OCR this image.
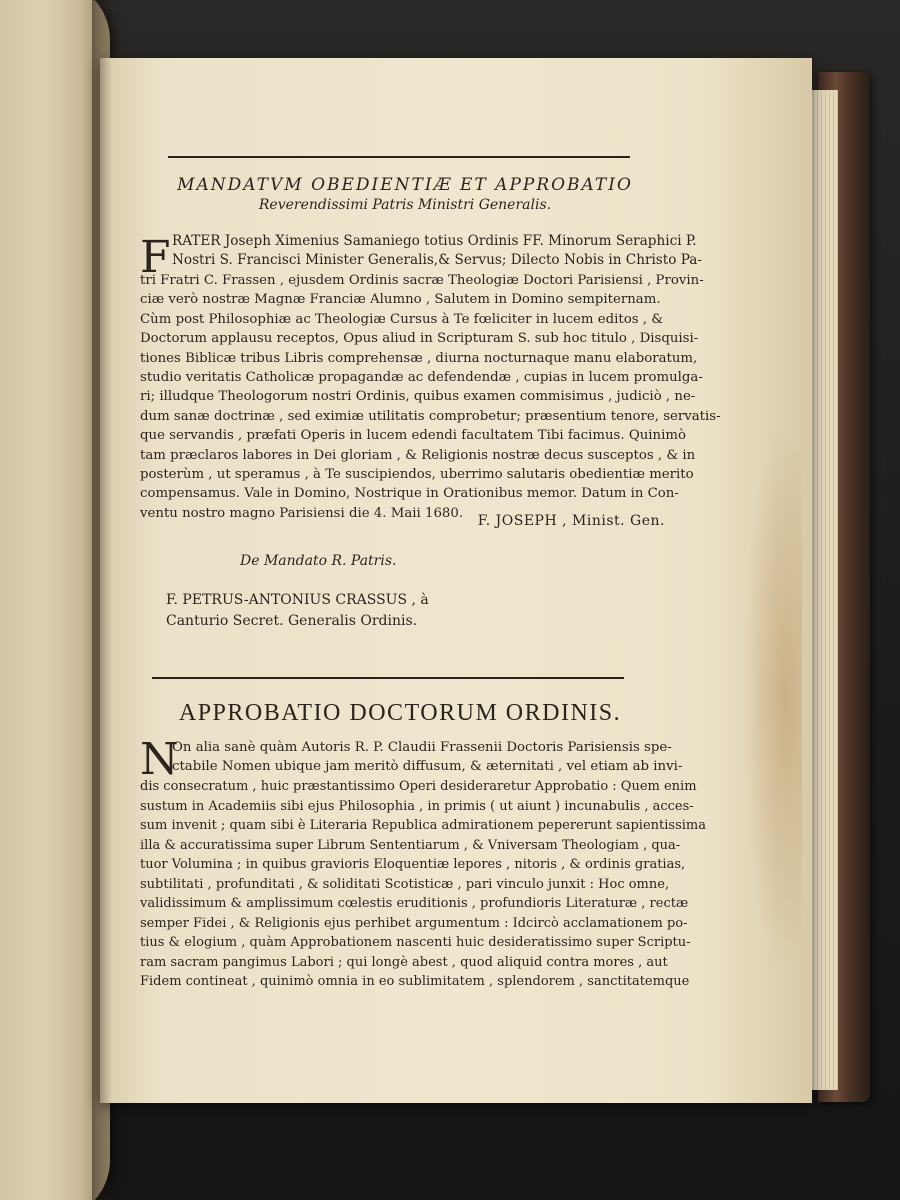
MANDATVM OBEDIENTIÆ ET APPROBATIO
Reverendissimi Patris Ministri Generalis.
F RATER Joseph Ximenius Samaniego totius Ordinis FF. Minorum Seraphici P.
Nostri S. Francisci Minister Generalis,& Servus; Dilecto Nobis in Christo Pa-
tri Fratri C. Frassen , ejusdem Ordinis sacræ Theologiæ Doctori Parisiensi , Provin-
ciæ verò nostræ Magnæ Franciæ Alumno , Salutem in Domino sempiternam.
Cùm post Philosophiæ ac Theologiæ Cursus à Te fœliciter in lucem editos , &
Doctorum applausu receptos, Opus aliud in Scripturam S. sub hoc titulo , Disquisi-
tiones Biblicæ tribus Libris comprehensæ , diurna nocturnaque manu elaboratum,
studio veritatis Catholicæ propagandæ ac defendendæ , cupias in lucem promulga-
ri; illudque Theologorum nostri Ordinis, quibus examen commisimus , judiciò , ne-
dum sanæ doctrinæ , sed eximiæ utilitatis comprobetur; præsentium tenore, servatis-
que servandis , præfati Operis in lucem edendi facultatem Tibi facimus. Quinimò
tam præclaros labores in Dei gloriam , & Religionis nostræ decus susceptos , & in
posterùm , ut speramus , à Te suscipiendos, uberrimo salutaris obedientiæ merito
compensamus. Vale in Domino, Nostrique in Orationibus memor. Datum in Con-
ventu nostro magno Parisiensi die 4. Maii 1680.	F. JOSEPH , Minist. Gen.
De Mandato R. Patris.
F. PETRUS-ANTONIUS CRASSUS , à
Canturio Secret. Generalis Ordinis.
APPROBATIO DOCTORUM ORDINIS.
N
On alia sanè quàm Autoris R. P. Claudii Frassenii Doctoris Parisiensis spe-
ctabile Nomen ubique jam meritò diffusum, & æternitati , vel etiam ab invi-
dis consecratum , huic præstantissimo Operi desideraretur Approbatio : Quem enim
sustum in Academiis sibi ejus Philosophia , in primis ( ut aiunt ) incunabulis , acces-
sum invenit ; quam sibi è Literaria Republica admirationem pepererunt sapientissima
illa & accuratissima super Librum Sententiarum , & Vniversam Theologiam , qua-
tuor Volumina ; in quibus gravioris Eloquentiæ lepores , nitoris , & ordinis gratias,
subtilitati , profunditati , & soliditati Scotisticæ , pari vinculo junxit : Hoc omne,
validissimum & amplissimum cœlestis eruditionis , profundioris Literaturæ , rectæ
semper Fidei , & Religionis ejus perhibet argumentum : Idcircò acclamationem po-
tius & elogium , quàm Approbationem nascenti huic desideratissimo super Scriptu-
ram sacram pangimus Labori ; qui longè abest , quod aliquid contra mores , aut
Fidem contineat , quinimò omnia in eo sublimitatem , splendorem , sanctitatemque
